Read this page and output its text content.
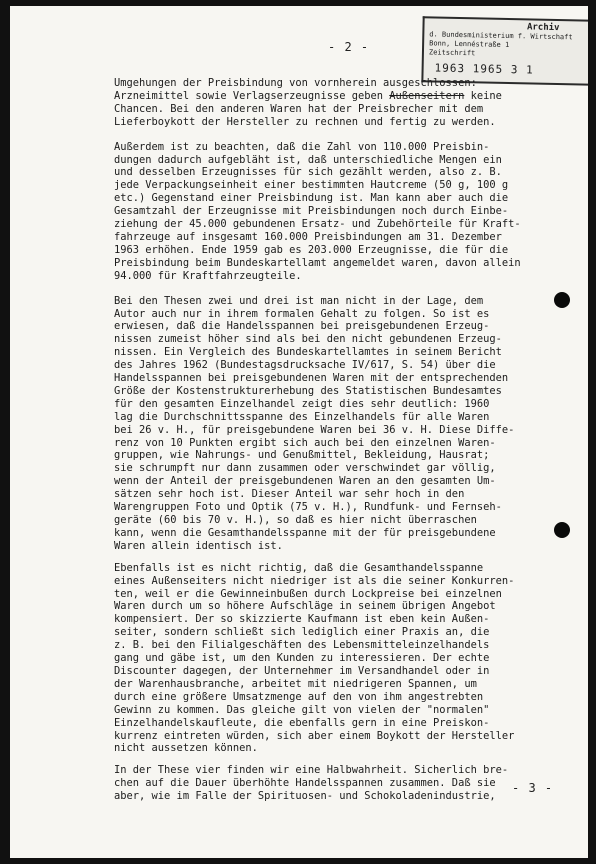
Archiv
d. Bundesministerium f. Wirtschaft
Bonn, Lennéstraße 1
Zeitschrift
1963 1965 3 1
- 2 -
Umgehungen der Preisbindung von vornherein ausgeschlossen:
Arzneimittel sowie Verlagserzeugnisse geben Außenseitern keine
Chancen. Bei den anderen Waren hat der Preisbrecher mit dem
Lieferboykott der Hersteller zu rechnen und fertig zu werden.
Außerdem ist zu beachten, daß die Zahl von 110.000 Preisbin-
dungen dadurch aufgebläht ist, daß unterschiedliche Mengen ein
und desselben Erzeugnisses für sich gezählt werden, also z. B.
jede Verpackungseinheit einer bestimmten Hautcreme (50 g, 100 g
etc.) Gegenstand einer Preisbindung ist. Man kann aber auch die
Gesamtzahl der Erzeugnisse mit Preisbindungen noch durch Einbe-
ziehung der 45.000 gebundenen Ersatz- und Zubehörteile für Kraft-
fahrzeuge auf insgesamt 160.000 Preisbindungen am 31. Dezember
1963 erhöhen. Ende 1959 gab es 203.000 Erzeugnisse, die für die
Preisbindung beim Bundeskartellamt angemeldet waren, davon allein
94.000 für Kraftfahrzeugteile.
Bei den Thesen zwei und drei ist man nicht in der Lage, dem
Autor auch nur in ihrem formalen Gehalt zu folgen. So ist es
erwiesen, daß die Handelsspannen bei preisgebundenen Erzeug-
nissen zumeist höher sind als bei den nicht gebundenen Erzeug-
nissen. Ein Vergleich des Bundeskartellamtes in seinem Bericht
des Jahres 1962 (Bundestagsdrucksache IV/617, S. 54) über die
Handelsspannen bei preisgebundenen Waren mit der entsprechenden
Größe der Kostenstrukturerhebung des Statistischen Bundesamtes
für den gesamten Einzelhandel zeigt dies sehr deutlich: 1960
lag die Durchschnittsspanne des Einzelhandels für alle Waren
bei 26 v. H., für preisgebundene Waren bei 36 v. H. Diese Diffe-
renz von 10 Punkten ergibt sich auch bei den einzelnen Waren-
gruppen, wie Nahrungs- und Genußmittel, Bekleidung, Hausrat;
sie schrumpft nur dann zusammen oder verschwindet gar völlig,
wenn der Anteil der preisgebundenen Waren an den gesamten Um-
sätzen sehr hoch ist. Dieser Anteil war sehr hoch in den
Warengruppen Foto und Optik (75 v. H.), Rundfunk- und Fernseh-
geräte (60 bis 70 v. H.), so daß es hier nicht überraschen
kann, wenn die Gesamthandelsspanne mit der für preisgebundene
Waren allein identisch ist.
Ebenfalls ist es nicht richtig, daß die Gesamthandelsspanne
eines Außenseiters nicht niedriger ist als die seiner Konkurren-
ten, weil er die Gewinneinbußen durch Lockpreise bei einzelnen
Waren durch um so höhere Aufschläge in seinem übrigen Angebot
kompensiert. Der so skizzierte Kaufmann ist eben kein Außen-
seiter, sondern schließt sich lediglich einer Praxis an, die
z. B. bei den Filialgeschäften des Lebensmitteleinzelhandels
gang und gäbe ist, um den Kunden zu interessieren. Der echte
Discounter dagegen, der Unternehmer im Versandhandel oder in
der Warenhausbranche, arbeitet mit niedrigeren Spannen, um
durch eine größere Umsatzmenge auf den von ihm angestrebten
Gewinn zu kommen. Das gleiche gilt von vielen der "normalen"
Einzelhandelskaufleute, die ebenfalls gern in eine Preiskon-
kurrenz eintreten würden, sich aber einem Boykott der Hersteller
nicht aussetzen können.
In der These vier finden wir eine Halbwahrheit. Sicherlich bre-
chen auf die Dauer überhöhte Handelsspannen zusammen. Daß sie
aber, wie im Falle der Spirituosen- und Schokoladenindustrie,
- 3 -
